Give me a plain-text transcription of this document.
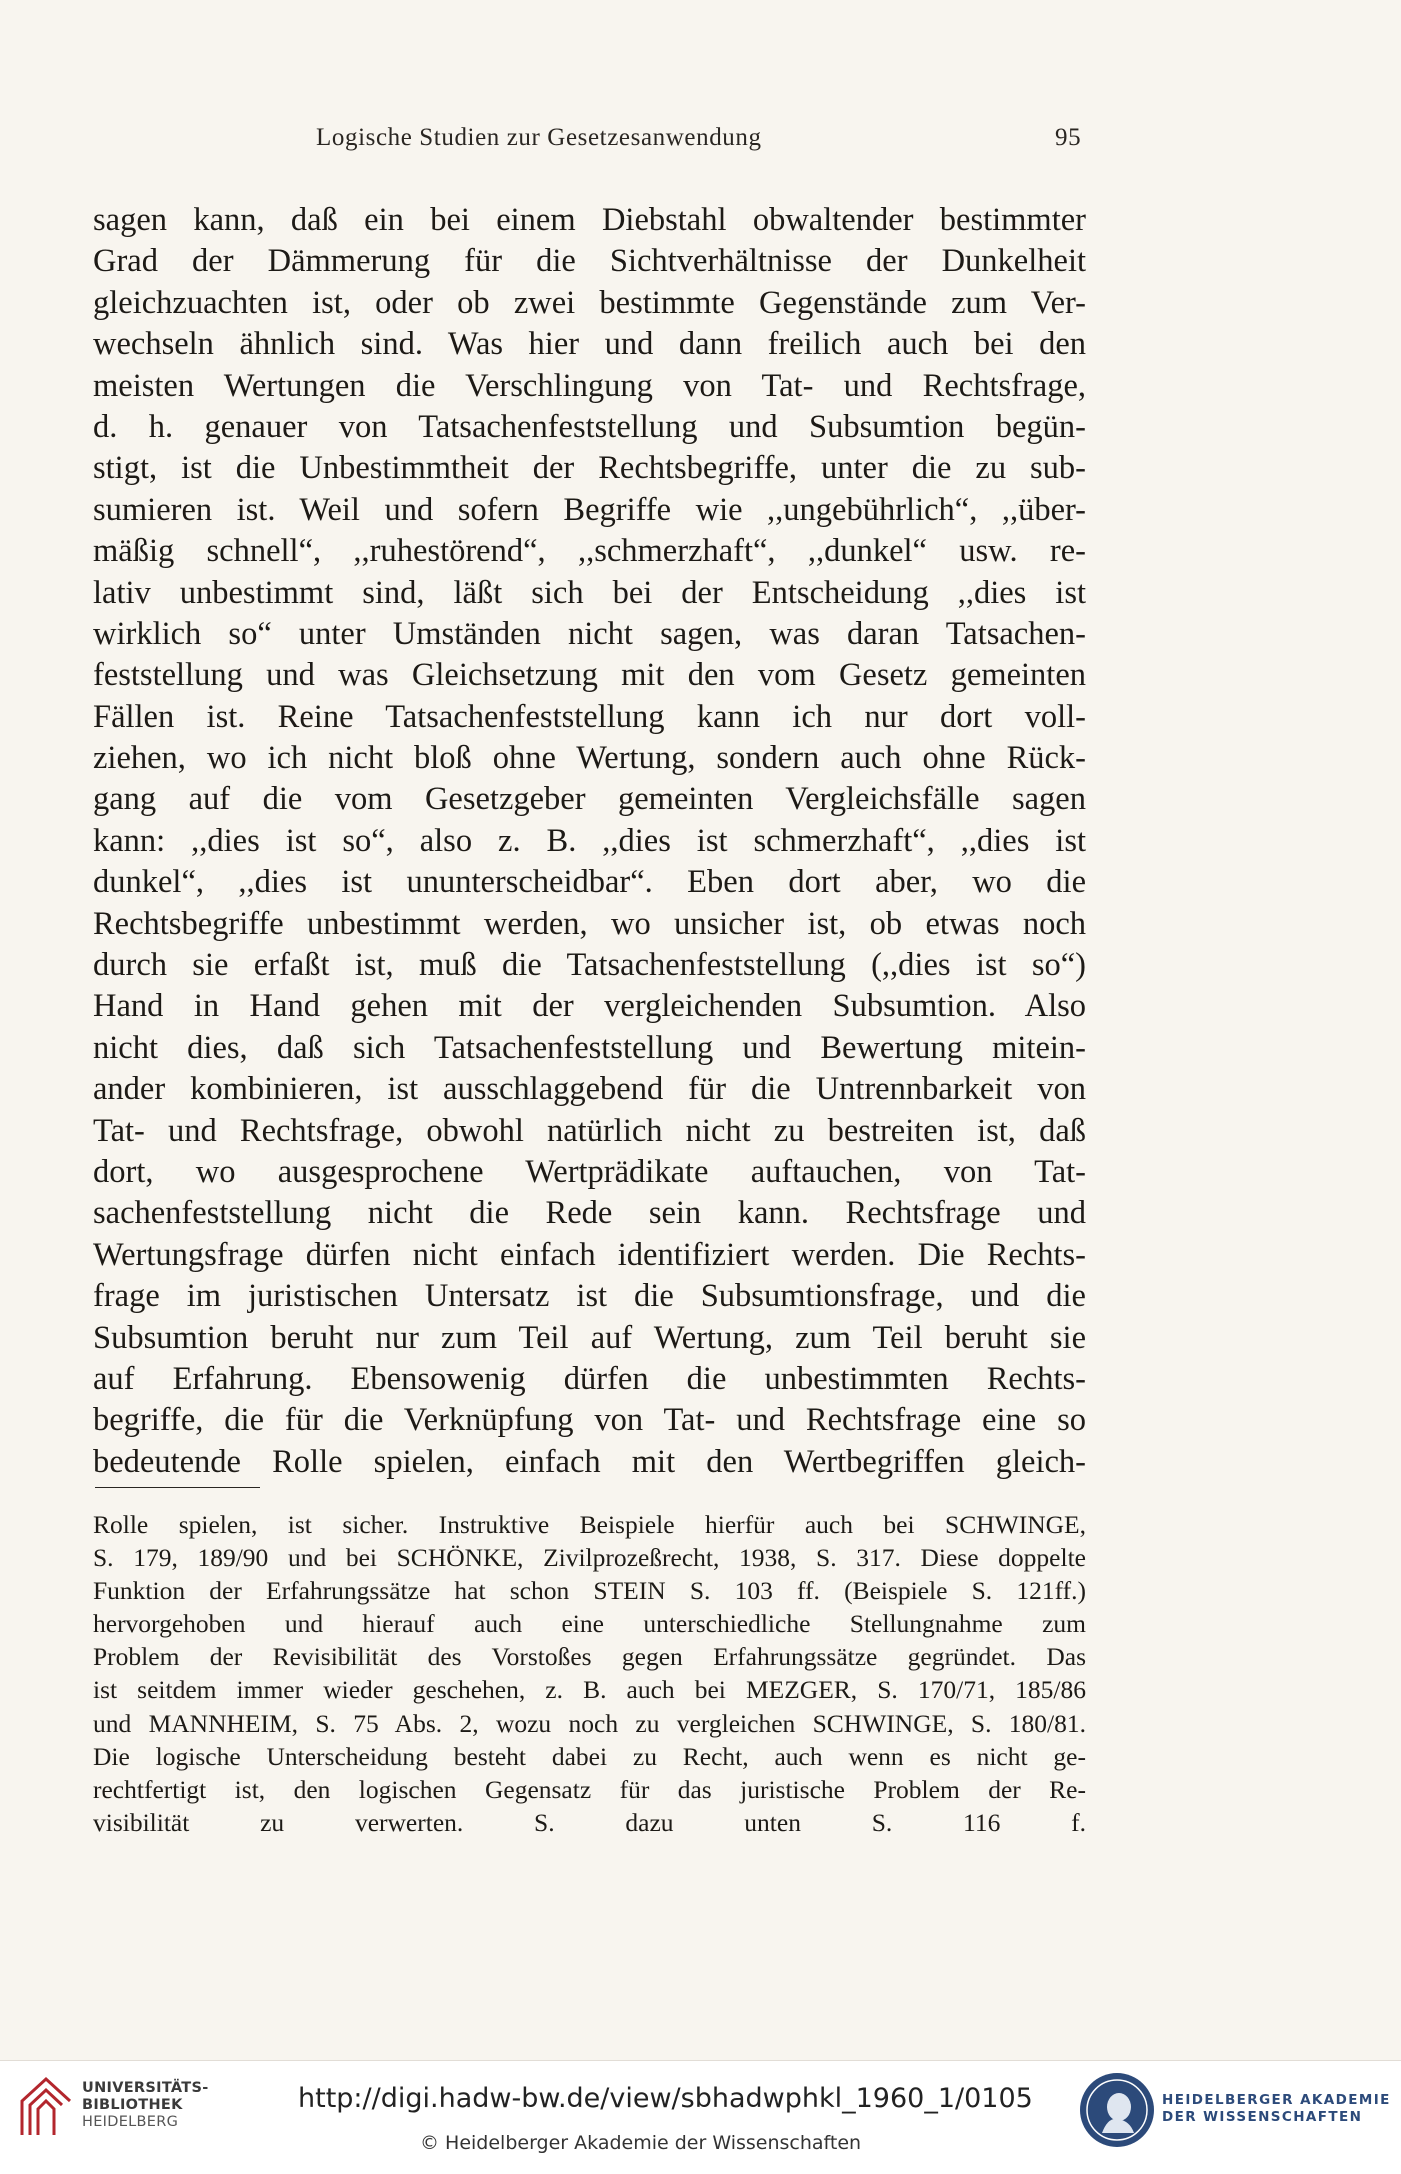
Logische Studien zur Gesetzesanwendung	95
sagen kann, daß ein bei einem Diebstahl obwaltender bestimmter
Grad der Dämmerung für die Sichtverhältnisse der Dunkelheit
gleichzuachten ist, oder ob zwei bestimmte Gegenstände zum Ver-
wechseln ähnlich sind. Was hier und dann freilich auch bei den
meisten Wertungen die Verschlingung von Tat- und Rechtsfrage,
d. h. genauer von Tatsachenfeststellung und Subsumtion begün-
stigt, ist die Unbestimmtheit der Rechtsbegriffe, unter die zu sub-
sumieren ist. Weil und sofern Begriffe wie ,,ungebührlich“, ,,über-
mäßig schnell“, ,,ruhestörend“, ,,schmerzhaft“, ,,dunkel“ usw. re-
lativ unbestimmt sind, läßt sich bei der Entscheidung ,,dies ist
wirklich so“ unter Umständen nicht sagen, was daran Tatsachen-
feststellung und was Gleichsetzung mit den vom Gesetz gemeinten
Fällen ist. Reine Tatsachenfeststellung kann ich nur dort voll-
ziehen, wo ich nicht bloß ohne Wertung, sondern auch ohne Rück-
gang auf die vom Gesetzgeber gemeinten Vergleichsfälle sagen
kann: ,,dies ist so“, also z. B. ,,dies ist schmerzhaft“, ,,dies ist
dunkel“, ,,dies ist ununterscheidbar“. Eben dort aber, wo die
Rechtsbegriffe unbestimmt werden, wo unsicher ist, ob etwas noch
durch sie erfaßt ist, muß die Tatsachenfeststellung (,,dies ist so“)
Hand in Hand gehen mit der vergleichenden Subsumtion. Also
nicht dies, daß sich Tatsachenfeststellung und Bewertung mitein-
ander kombinieren, ist ausschlaggebend für die Untrennbarkeit von
Tat- und Rechtsfrage, obwohl natürlich nicht zu bestreiten ist, daß
dort, wo ausgesprochene Wertprädikate auftauchen, von Tat-
sachenfeststellung nicht die Rede sein kann. Rechtsfrage und
Wertungsfrage dürfen nicht einfach identifiziert werden. Die Rechts-
frage im juristischen Untersatz ist die Subsumtionsfrage, und die
Subsumtion beruht nur zum Teil auf Wertung, zum Teil beruht sie
auf Erfahrung. Ebensowenig dürfen die unbestimmten Rechts-
begriffe, die für die Verknüpfung von Tat- und Rechtsfrage eine so
bedeutende Rolle spielen, einfach mit den Wertbegriffen gleich-
Rolle spielen, ist sicher. Instruktive Beispiele hierfür auch bei SCHWINGE,
S. 179, 189/90 und bei SCHÖNKE, Zivilprozeßrecht, 1938, S. 317. Diese doppelte
Funktion der Erfahrungssätze hat schon STEIN S. 103 ff. (Beispiele S. 121ff.)
hervorgehoben und hierauf auch eine unterschiedliche Stellungnahme zum
Problem der Revisibilität des Vorstoßes gegen Erfahrungssätze gegründet. Das
ist seitdem immer wieder geschehen, z. B. auch bei MEZGER, S. 170/71, 185/86
und MANNHEIM, S. 75 Abs. 2, wozu noch zu vergleichen SCHWINGE, S. 180/81.
Die logische Unterscheidung besteht dabei zu Recht, auch wenn es nicht ge-
rechtfertigt ist, den logischen Gegensatz für das juristische Problem der Re-
visibilität zu verwerten. S. dazu unten S. 116 f.
UNIVERSITÄTS-
BIBLIOTHEK
HEIDELBERG
http://digi.hadw-bw.de/view/sbhadwphkl_1960_1/0105
© Heidelberger Akademie der Wissenschaften
HEIDELBERGER AKADEMIE
DER WISSENSCHAFTEN
